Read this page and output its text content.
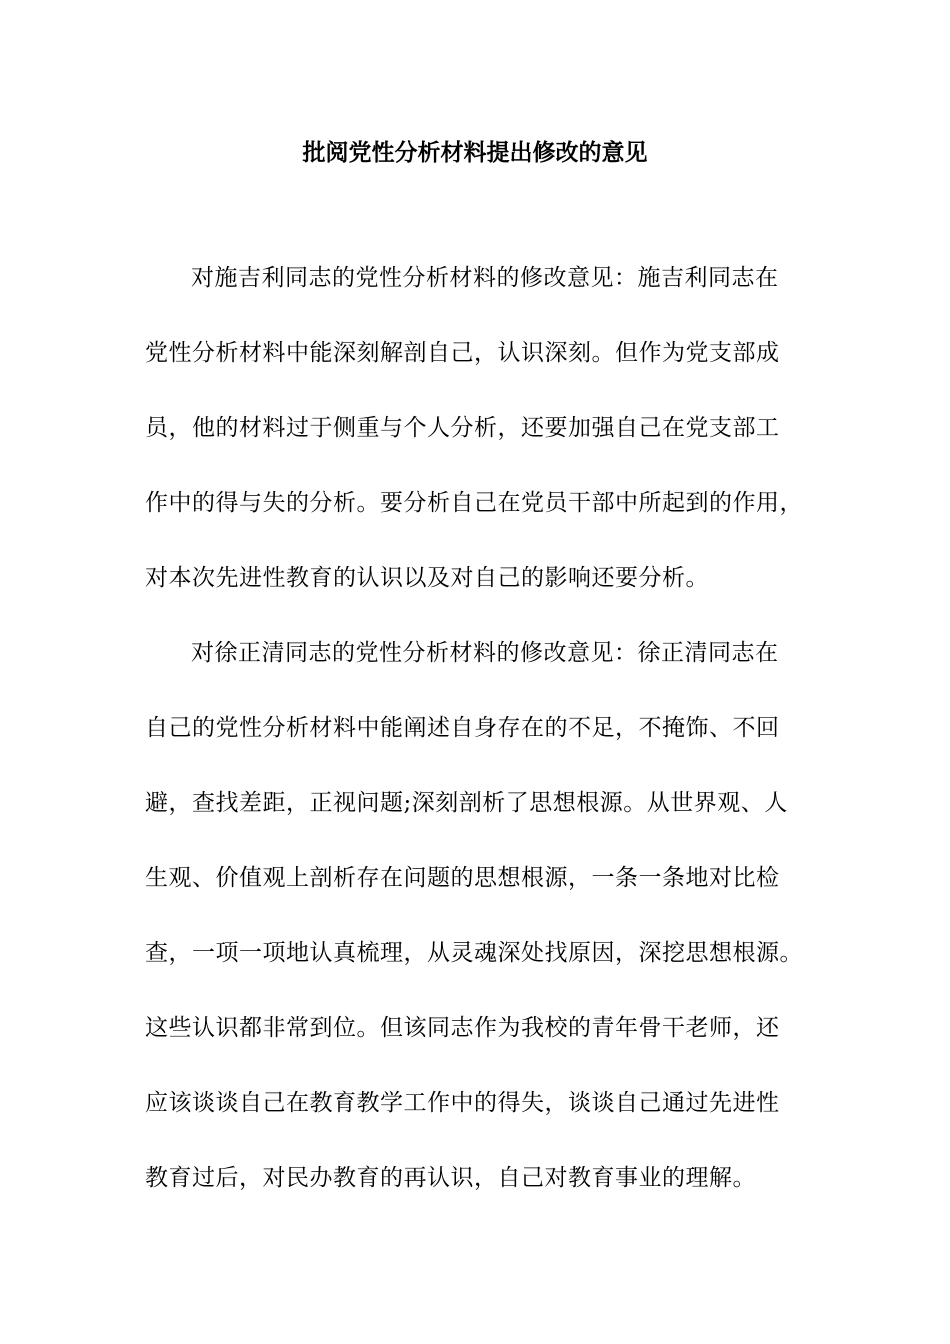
批阅党性分析材料提出修改的意见
对施吉利同志的党性分析材料的修改意见：施吉利同志在
党性分析材料中能深刻解剖自己，认识深刻。但作为党支部成
员，他的材料过于侧重与个人分析，还要加强自己在党支部工
作中的得与失的分析。要分析自己在党员干部中所起到的作用，
对本次先进性教育的认识以及对自己的影响还要分析。
对徐正清同志的党性分析材料的修改意见：徐正清同志在
自己的党性分析材料中能阐述自身存在的不足，不掩饰、不回
避，查找差距，正视问题;深刻剖析了思想根源。从世界观、人
生观、价值观上剖析存在问题的思想根源，一条一条地对比检
查，一项一项地认真梳理，从灵魂深处找原因，深挖思想根源。
这些认识都非常到位。但该同志作为我校的青年骨干老师，还
应该谈谈自己在教育教学工作中的得失，谈谈自己通过先进性
教育过后，对民办教育的再认识，自己对教育事业的理解。
